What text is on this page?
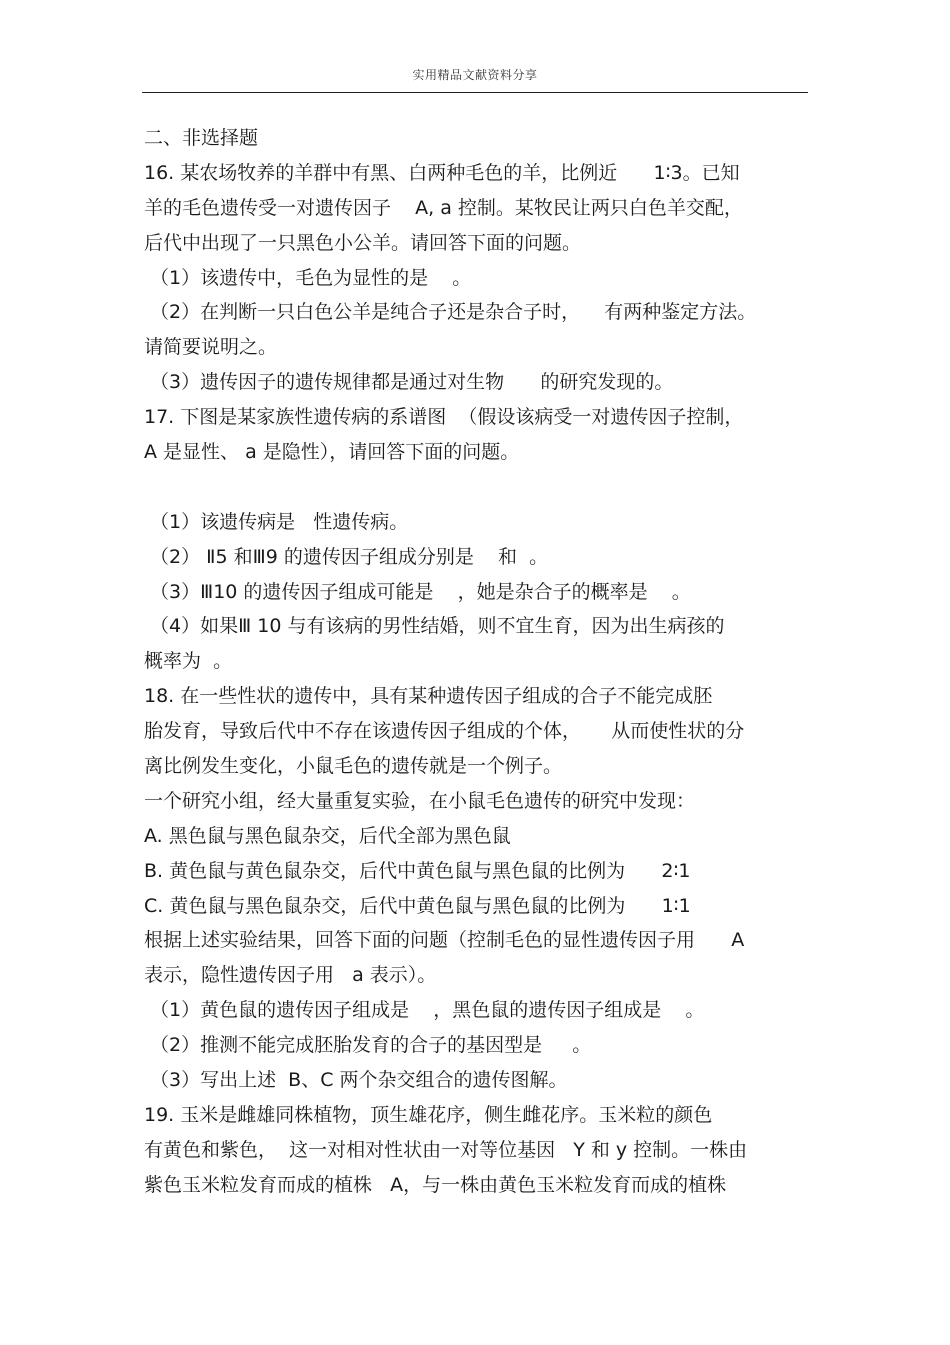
实用精品文献资料分享
二、非选择题
16. 某农场牧养的羊群中有黑、白两种毛色的羊，比例近      1∶3。已知
羊的毛色遗传受一对遗传因子    A, a 控制。某牧民让两只白色羊交配，
后代中出现了一只黑色小公羊。请回答下面的问题。
（1）该遗传中，毛色为显性的是    。
（2）在判断一只白色公羊是纯合子还是杂合子时，    有两种鉴定方法。
请简要说明之。
（3）遗传因子的遗传规律都是通过对生物      的研究发现的。
17. 下图是某家族性遗传病的系谱图  （假设该病受一对遗传因子控制，
A 是显性、 a 是隐性），请回答下面的问题。
（1）该遗传病是   性遗传病。
（2） Ⅱ5 和Ⅲ9 的遗传因子组成分别是    和  。
（3）Ⅲ10 的遗传因子组成可能是    ，她是杂合子的概率是    。
（4）如果Ⅲ 10 与有该病的男性结婚，则不宜生育，因为出生病孩的
概率为  。
18. 在一些性状的遗传中，具有某种遗传因子组成的合子不能完成胚
胎发育，导致后代中不存在该遗传因子组成的个体，     从而使性状的分
离比例发生变化，小鼠毛色的遗传就是一个例子。
一个研究小组，经大量重复实验，在小鼠毛色遗传的研究中发现：
A. 黑色鼠与黑色鼠杂交，后代全部为黑色鼠
B. 黄色鼠与黄色鼠杂交，后代中黄色鼠与黑色鼠的比例为      2∶1
C. 黄色鼠与黑色鼠杂交，后代中黄色鼠与黑色鼠的比例为      1∶1
根据上述实验结果，回答下面的问题（控制毛色的显性遗传因子用      A
表示，隐性遗传因子用   a 表示）。
（1）黄色鼠的遗传因子组成是    ，黑色鼠的遗传因子组成是    。
（2）推测不能完成胚胎发育的合子的基因型是     。
（3）写出上述  B、C 两个杂交组合的遗传图解。
19. 玉米是雌雄同株植物，顶生雄花序，侧生雌花序。玉米粒的颜色
有黄色和紫色，  这一对相对性状由一对等位基因   Y 和 y 控制。一株由
紫色玉米粒发育而成的植株   A，与一株由黄色玉米粒发育而成的植株
